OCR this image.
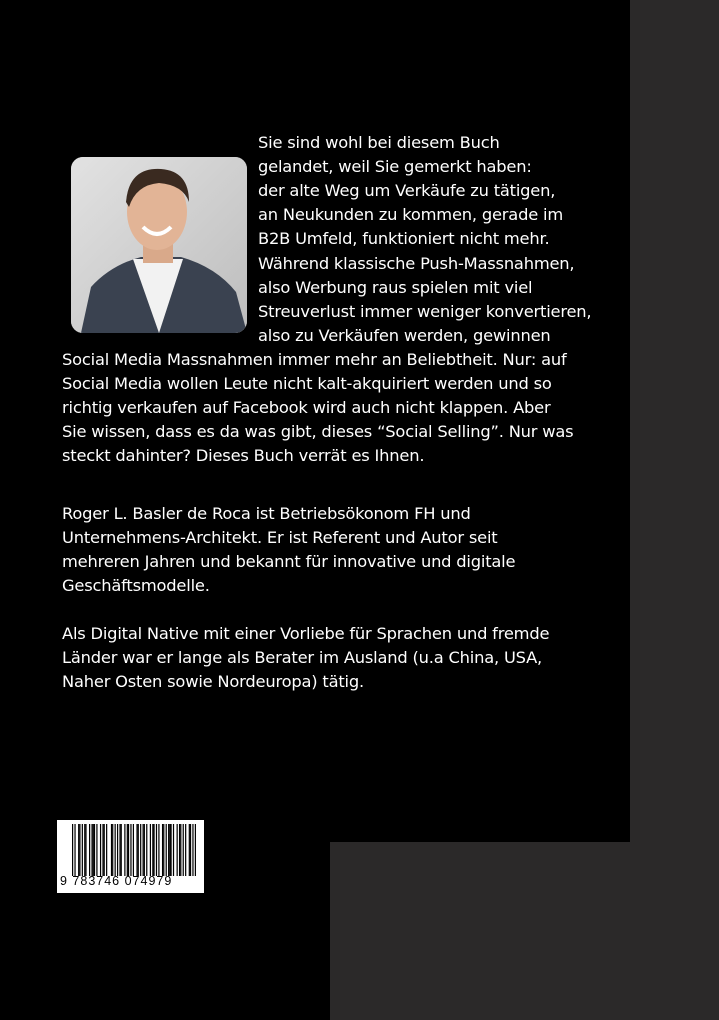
Sie sind wohl bei diesem Buch
gelandet, weil Sie gemerkt haben:
der alte Weg um Verkäufe zu tätigen,
an Neukunden zu kommen, gerade im
B2B Umfeld, funktioniert nicht mehr.
Während klassische Push-Massnahmen,
also Werbung raus spielen mit viel
Streuverlust immer weniger konvertieren,
also zu Verkäufen werden, gewinnen
Social Media Massnahmen immer mehr an Beliebtheit. Nur: auf
Social Media wollen Leute nicht kalt-akquiriert werden und so
richtig verkaufen auf Facebook wird auch nicht klappen. Aber
Sie wissen, dass es da was gibt, dieses “Social Selling”. Nur was
steckt dahinter? Dieses Buch verrät es Ihnen.
Roger L. Basler de Roca ist Betriebsökonom FH und
Unternehmens-Architekt. Er ist Referent und Autor seit
mehreren Jahren und bekannt für innovative und digitale
Geschäftsmodelle.
Als Digital Native mit einer Vorliebe für Sprachen und fremde
Länder war er lange als Berater im Ausland (u.a China, USA,
Naher Osten sowie Nordeuropa) tätig.
9 783746 074979
